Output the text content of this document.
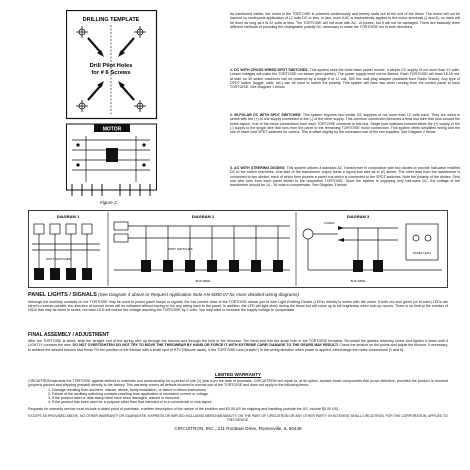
DRILLING TEMPLATE
Drill Pilot Holes
for # 6 Screws
MOTOR
Figure 2.
As mentioned earlier, the motor in the TORTOISE is powered continuously and merely stalls out at the end of the throw. The motor will not be harmed by continuous application of 12 volts DC or less. In fact, even if AC is inadvertently applied to the motor terminals (1 and 8), no harm will be done as long as it is 12 volts or less. The TORTOISE will not work with AC, of course, but it will not be damaged. There are basically three different methods of providing the changeable polarity DC necessary to make the TORTOISE run in both directions.
1. DC WITH CROSS WIRED DPDT SWITCHES: This system uses the most basic power source, a simple DC supply of not more than 12 volts. Lesser voltages will make the TORTOISE run slower (and quieter). The power supply need not be filtered. Each TORTOISE will draw 15-16 ma. at stall, so 30 switch machines can be powered by a single 9 or 12 volt, 500 ma. wall plug adapter (available from Radio Shack). Any type of DPDT switch (toggle, slide, etc.) can be used to switch the polarity. This system will have two wires running from the control panel to each TORTOISE. See Diagram 1 below.
2. BI-POLAR DC WITH SPDT SWITCHES: This system requires two similar DC supplies of not more than 12 volts each. They are wired in series with the (+) of one supply connected to the (-) of the other supply. This common connection becomes a third bus wire that runs around the entire layout. One of the motor connections from each TORTOISE connects to this bus. Single pole switches connect either the (+) supply or the (-) supply to the single wire that runs from the panel to the remaining TORTOISE motor connection. This system offers simplified wiring and the use of lower cost SPDT switches for control. This is offset slightly by the increased cost of the two supplies. See Diagram 2 below.
3. AC WITH STEERING DIODES: This system utilizes a standard AC Transformer in conjunction with two diodes to provide half-wave rectified DC to the switch machines. One side of the transformer output feeds a layout bus wire as in (2) above. The other lead from the transformer is connected to two diodes, each of which then powers a panel bus which is connected to the SPDT switches. Note the polarity of the diodes. Only one wire runs from each panel switch to the respective TORTOISE. Since the system is supplying only half-wave DC, the voltage of the transformer should be 14 - 16 volts to compensate. See Diagram 3 below.
DIAGRAM 1
DPDT SWITCHES
DIAGRAM 2
SPDT SWITCHES
BUS WIRE
DIAGRAM 3
1N4001
PANEL LED's
BUS WIRE
PANEL LIGHTS / SIGNALS (See Diagram 4 above or Request Application Note AN-6000-07 for more detailed wiring diagrams)
Although the auxiliary contacts on the TORTOISE may be used to power panel lamps or signals, the low current draw of the TORTOISE allows you to wire Light Emitting Diodes (LEDs) directly in series with the motor. If both red and green (or bi-color) LEDs are wired in reverse parallel, the direction of turnout throw will be indicated without having to run any wiring back to the panel. In addition, the LED will light dimly during the throw but will come up to full brightness when lock-up occurs. There is no limit to the number of LEDs that may be wired in series, but each LED will reduce the voltage reaching the TORTOISE by 2 volts. You may want to increase the supply voltage to compensate.
FINAL ASSEMBLY / ADJUSTMENT
After the TORTOISE is wired, slide the straight end of the spring wire up through the fulcrum and through the hole in the throwbar. The bend end into the small hole in the TORTOISE throwbar. Re-install the gibbles retaining screw and tighten it down until it LIGHTLY contacts the wire. DO NOT OVERTIGHTEN! DO NOT TRY TO MOVE THE THROWBAR BY HAND OR FORCE IT WITH EXTREME CARE! DAMAGE TO THE GEARS MAY RESULT! Check the tension on the points and adjust the fulcrum, if necessary, to achieve the desired tension and throw. Fix the position of the fulcrum with a small spot of RTV (Silicone caulk). If the TORTOISE runs (crawls?) in the wrong direction when power is applied, interchange the motor connections (1 and 8).
LIMITED WARRANTY
CIRCUITRON warrants the TORTOISE against defects in materials and workmanship for a period of one (1) year from the date of purchase. CIRCUITRON will repair or, at its option, replace those components that prove defective, provided the product is returned (properly packed and shipping prepaid) directly to the factory. This warranty covers all defects incurred in normal use of the TORTOISE and does not apply to the following items:
1. Damage resulting from accident, misuse, abuse, faulty installation, or failure to follow instructions.
2. Failure of the auxiliary switching contacts resulting from application of excessive current or voltage.
3. If the product label or date stamp label have been damaged, altered or removed.
4. If the product has been used for a purpose other than that intended or in a commercial or club layout.
Requests for warranty service must include a dated proof of purchase, a written description of the nature of the problem and $3.00 US for shipping and handling (outside the US, include $5.00 US).
EXCEPT AS PROVIDED ABOVE, NO OTHER WARRANTY OR GUARANTEE, EXPRESS OR IMPLIED INCLUDING MERCHANTABILITY, ON THE PART OF CIRCUITRON OR ANY OTHER PARTY. IN NO EVENT SHALL CIRCUITRON, FOR THE CORPORATION, APPLIES TO THIS DEVICE.
CIRCUITRON, INC., 211 RocBaar Drive, Romeoville, IL 60446
